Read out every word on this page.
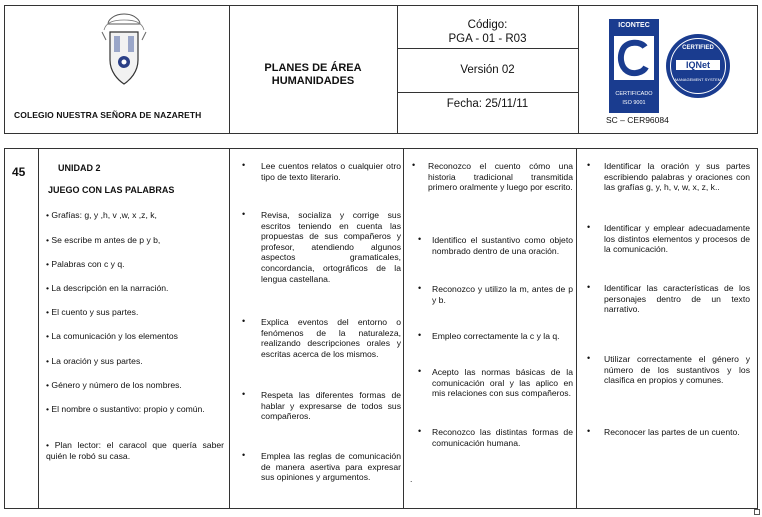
COLEGIO NUESTRA SEÑORA DE NAZARETH
PLANES DE ÁREA
HUMANIDADES
Código:
PGA - 01 - R03
Versión 02
Fecha: 25/11/11
ICONTEC
CERTIFICADO
ISO 9001
CERTIFIED
IQNet
MANAGEMENT SYSTEM
SC – CER96084
45	UNIDAD 2
JUEGO CON LAS PALABRAS
• Grafías: g, y ,h, v ,w, x ,z, k,
• Se escribe m antes de p y b,
• Palabras con c y q.
• La descripción en la narración.
• El cuento y sus partes.
• La comunicación y los elementos
• La oración y sus partes.
• Género y número de los nombres.
• El nombre o sustantivo: propio y común.
• Plan lector: el caracol que quería saber quién le robó su casa.
• Lee cuentos relatos o cualquier otro tipo de texto literario.
• Revisa, socializa y corrige sus escritos teniendo en cuenta las propuestas de sus compañeros y profesor, atendiendo algunos aspectos gramaticales, concordancia, ortográficos de la lengua castellana.
• Explica eventos del entorno o fenómenos de la naturaleza, realizando descripciones orales y escritas acerca de los mismos.
• Respeta las diferentes formas de hablar y expresarse de todos sus compañeros.
• Emplea las reglas de comunicación de manera asertiva para expresar sus opiniones y argumentos.
• Reconozco el cuento cómo una historia tradicional transmitida primero oralmente y luego por escrito.
• Identifico el sustantivo como objeto nombrado dentro de una oración.
• Reconozco y utilizo la m, antes de p y b.
• Empleo correctamente la c y la q.
• Acepto las normas básicas de la comunicación oral y las aplico en mis relaciones con sus compañeros.
• Reconozco las distintas formas de comunicación humana.
.
• Identificar la oración y sus partes escribiendo palabras y oraciones con las grafías g, y, h, v, w, x, z, k..
• Identificar y emplear adecuadamente los distintos elementos y procesos de la comunicación.
• Identificar las características de los personajes dentro de un texto narrativo.
• Utilizar correctamente el género y número de los sustantivos y los clasifica en propios y comunes.
• Reconocer las partes de un cuento.
